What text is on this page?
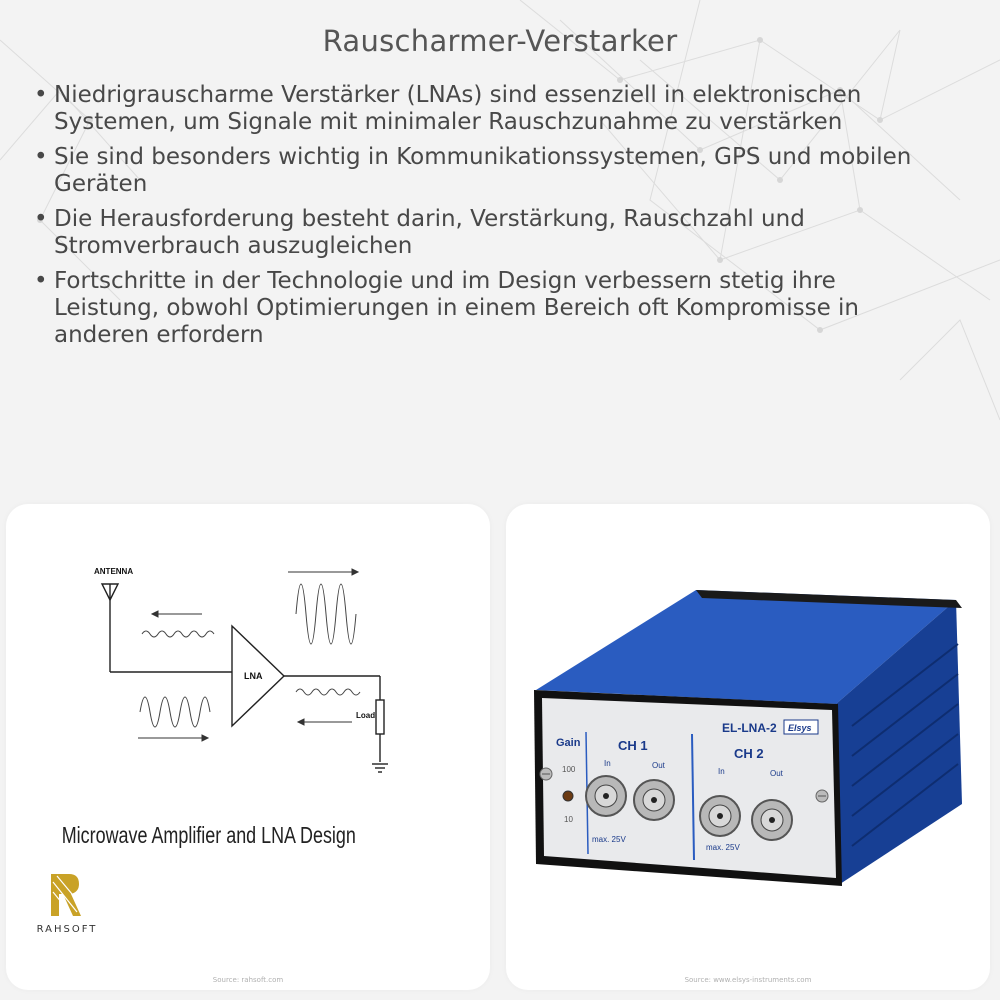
Rauscharmer-Verstarker
• Niedrigrauscharme Verstärker (LNAs) sind essenziell in elektronischen Systemen, um Signale mit minimaler Rauschzunahme zu verstärken
• Sie sind besonders wichtig in Kommunikationssystemen, GPS und mobilen Geräten
• Die Herausforderung besteht darin, Verstärkung, Rauschzahl und Stromverbrauch auszugleichen
• Fortschritte in der Technologie und im Design verbessern stetig ihre Leistung, obwohl Optimierungen in einem Bereich oft Kompromisse in anderen erfordern
ANTENNA
LNA
Load
Microwave Amplifier and LNA Design
RAHSOFT
Source: rahsoft.com
EL-LNA-2 Elsys
Gain	CH 1
CH 2
In	Out
In	Out
100
10
max. 25V
max. 25V
Source: www.elsys-instruments.com
